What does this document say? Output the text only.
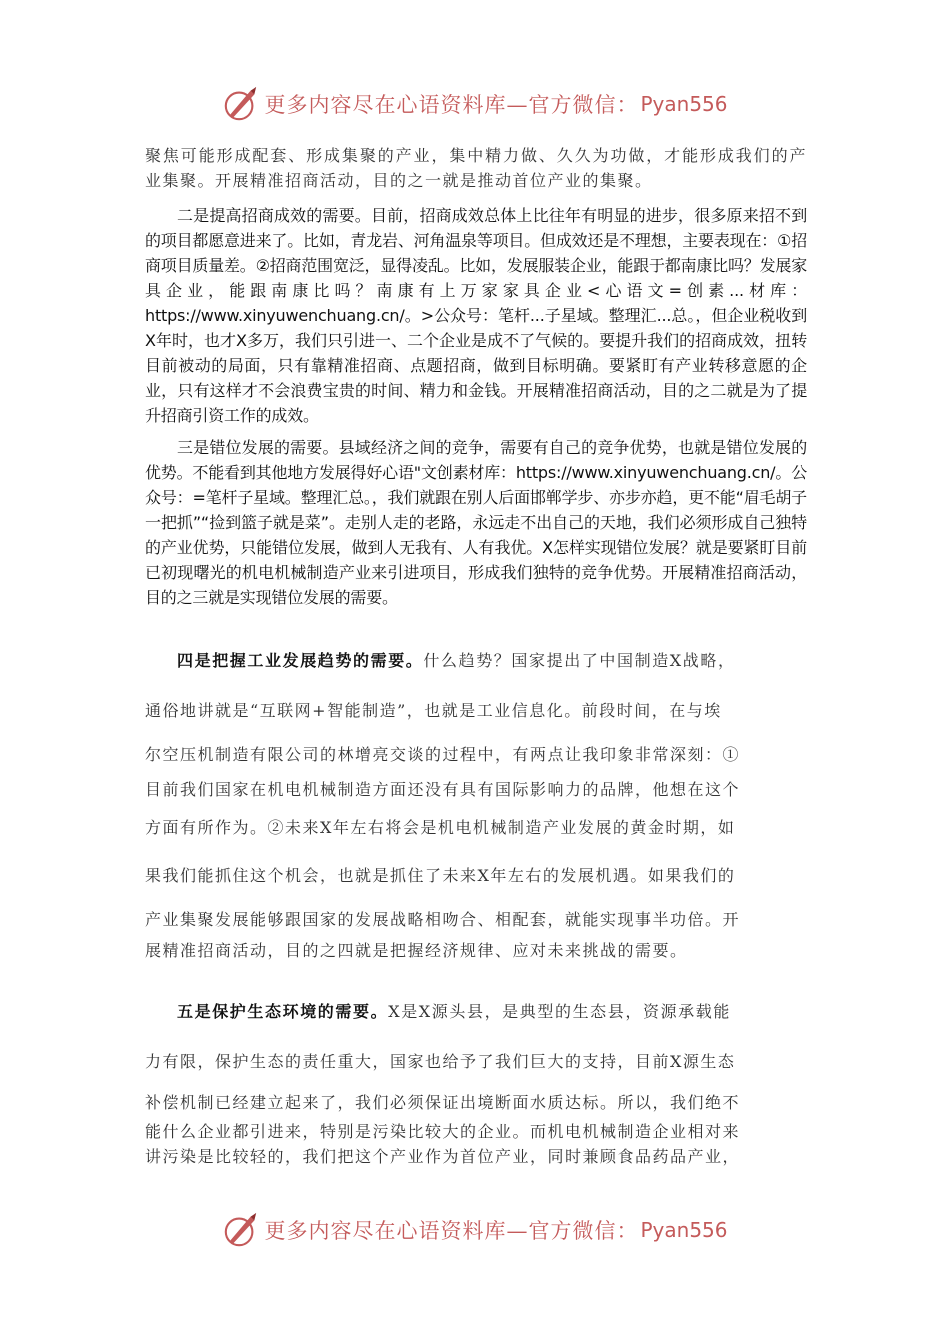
更多内容尽在心语资料库—官方微信： Pyan556

聚焦可能形成配套、形成集聚的产业，集中精力做、久久为功做，才能形成我们的产业集聚。开展精准招商活动，目的之一就是推动首位产业的集聚。

二是提高招商成效的需要。目前，招商成效总体上比往年有明显的进步，很多原来招不到的项目都愿意进来了。比如，青龙岩、河角温泉等项目。但成效还是不理想，主要表现在：①招商项目质量差。②招商范围宽泛，显得凌乱。比如，发展服装企业，能跟于都南康比吗？发展家具企业，能跟南康比吗？南康有上万家家具企业<心语文=创素...材库：https://www.xinyuwenchuang.cn/。>公众号：笔杆...子星域。整理汇...总。，但企业税收到X年时，也才X多万，我们只引进一、二个企业是成不了气候的。要提升我们的招商成效，扭转目前被动的局面，只有靠精准招商、点题招商，做到目标明确。要紧盯有产业转移意愿的企业，只有这样才不会浪费宝贵的时间、精力和金钱。开展精准招商活动，目的之二就是为了提升招商引资工作的成效。

三是错位发展的需要。县域经济之间的竞争，需要有自己的竞争优势，也就是错位发展的优势。不能看到其他地方发展得好心语"文创素材库：https://www.xinyuwenchuang.cn/。公众号：=笔杆子星域。整理汇总。，我们就跟在别人后面邯郸学步、亦步亦趋，更不能“眉毛胡子一把抓”“捡到篮子就是菜”。走别人走的老路，永远走不出自己的天地，我们必须形成自己独特的产业优势，只能错位发展，做到人无我有、人有我优。X怎样实现错位发展？就是要紧盯目前已初现曙光的机电机械制造产业来引进项目，形成我们独特的竞争优势。开展精准招商活动，目的之三就是实现错位发展的需要。

四是把握工业发展趋势的需要。什么趋势？国家提出了中国制造X战略，

通俗地讲就是“互联网+智能制造”，也就是工业信息化。前段时间，在与埃

尔空压机制造有限公司的林增亮交谈的过程中，有两点让我印象非常深刻：①

目前我们国家在机电机械制造方面还没有具有国际影响力的品牌，他想在这个

方面有所作为。②未来X年左右将会是机电机械制造产业发展的黄金时期，如

果我们能抓住这个机会，也就是抓住了未来X年左右的发展机遇。如果我们的

产业集聚发展能够跟国家的发展战略相吻合、相配套，就能实现事半功倍。开

展精准招商活动，目的之四就是把握经济规律、应对未来挑战的需要。

五是保护生态环境的需要。X是X源头县，是典型的生态县，资源承载能

力有限，保护生态的责任重大，国家也给予了我们巨大的支持，目前X源生态

补偿机制已经建立起来了，我们必须保证出境断面水质达标。所以，我们绝不

能什么企业都引进来，特别是污染比较大的企业。而机电机械制造企业相对来

讲污染是比较轻的，我们把这个产业作为首位产业，同时兼顾食品药品产业，

更多内容尽在心语资料库—官方微信： Pyan556
